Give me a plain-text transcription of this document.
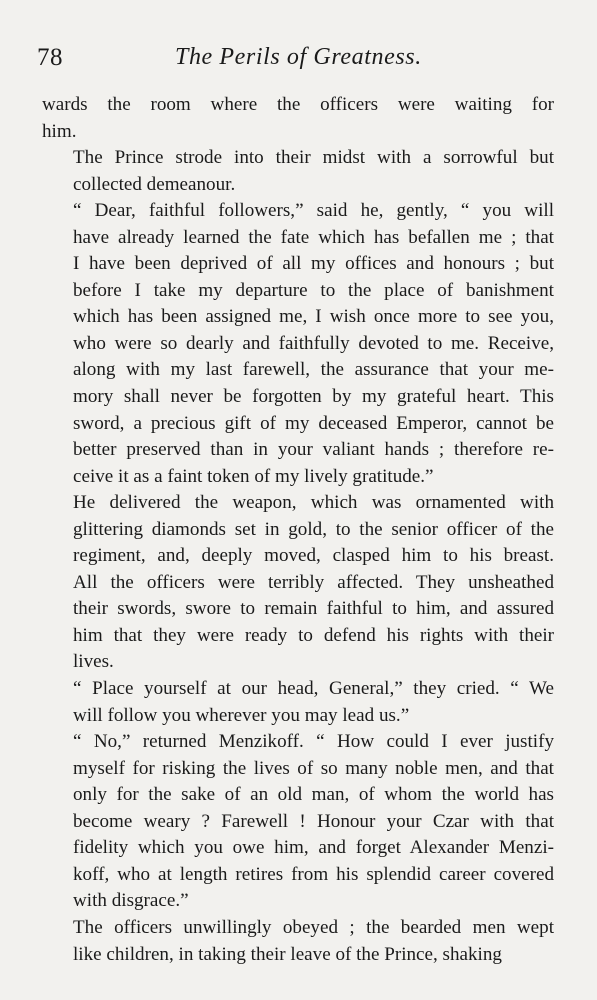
78	The Perils of Greatness.

wards the room where the officers were waiting for
him.

The Prince strode into their midst with a sorrowful but
collected demeanour.

“ Dear, faithful followers,” said he, gently, “ you will
have already learned the fate which has befallen me ; that
I have been deprived of all my offices and honours ; but
before I take my departure to the place of banishment
which has been assigned me, I wish once more to see you,
who were so dearly and faithfully devoted to me. Receive,
along with my last farewell, the assurance that your me-
mory shall never be forgotten by my grateful heart. This
sword, a precious gift of my deceased Emperor, cannot be
better preserved than in your valiant hands ; therefore re-
ceive it as a faint token of my lively gratitude.”

He delivered the weapon, which was ornamented with
glittering diamonds set in gold, to the senior officer of the
regiment, and, deeply moved, clasped him to his breast.
All the officers were terribly affected. They unsheathed
their swords, swore to remain faithful to him, and assured
him that they were ready to defend his rights with their
lives.

“ Place yourself at our head, General,” they cried. “ We
will follow you wherever you may lead us.”

“ No,” returned Menzikoff. “ How could I ever justify
myself for risking the lives of so many noble men, and that
only for the sake of an old man, of whom the world has
become weary ? Farewell ! Honour your Czar with that
fidelity which you owe him, and forget Alexander Menzi-
koff, who at length retires from his splendid career covered
with disgrace.”

The officers unwillingly obeyed ; the bearded men wept
like children, in taking their leave of the Prince, shaking
